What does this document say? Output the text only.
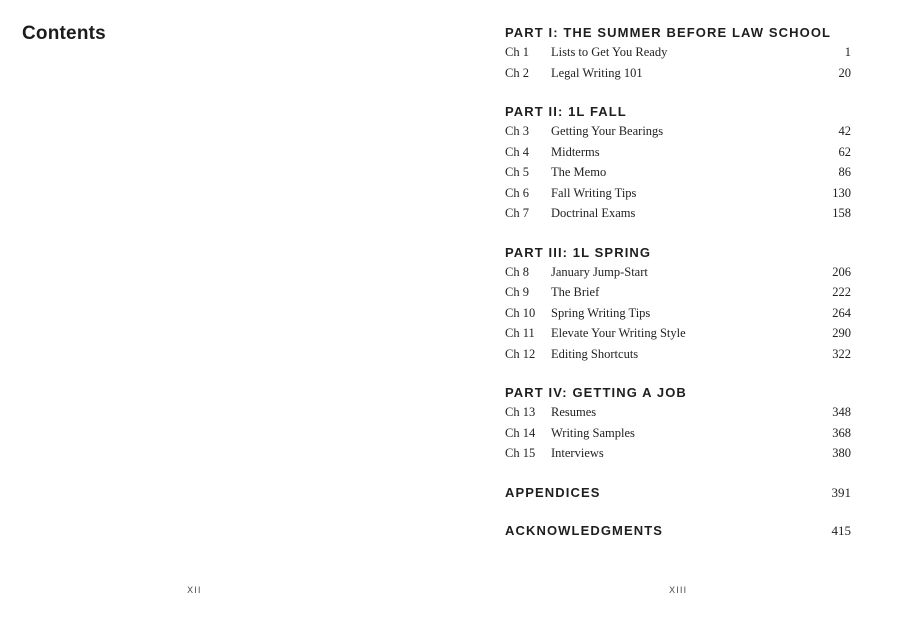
Contents
XII
PART I: THE SUMMER BEFORE LAW SCHOOL
Ch 1	Lists to Get You Ready	1
Ch 2	Legal Writing 101	20
PART II: 1L FALL
Ch 3	Getting Your Bearings	42
Ch 4	Midterms	62
Ch 5	The Memo	86
Ch 6	Fall Writing Tips	130
Ch 7	Doctrinal Exams	158
PART III: 1L SPRING
Ch 8	January Jump-Start	206
Ch 9	The Brief	222
Ch 10	Spring Writing Tips	264
Ch 11	Elevate Your Writing Style	290
Ch 12	Editing Shortcuts	322
PART IV: GETTING A JOB
Ch 13	Resumes	348
Ch 14	Writing Samples	368
Ch 15	Interviews	380
APPENDICES	391
ACKNOWLEDGMENTS	415
XIII
